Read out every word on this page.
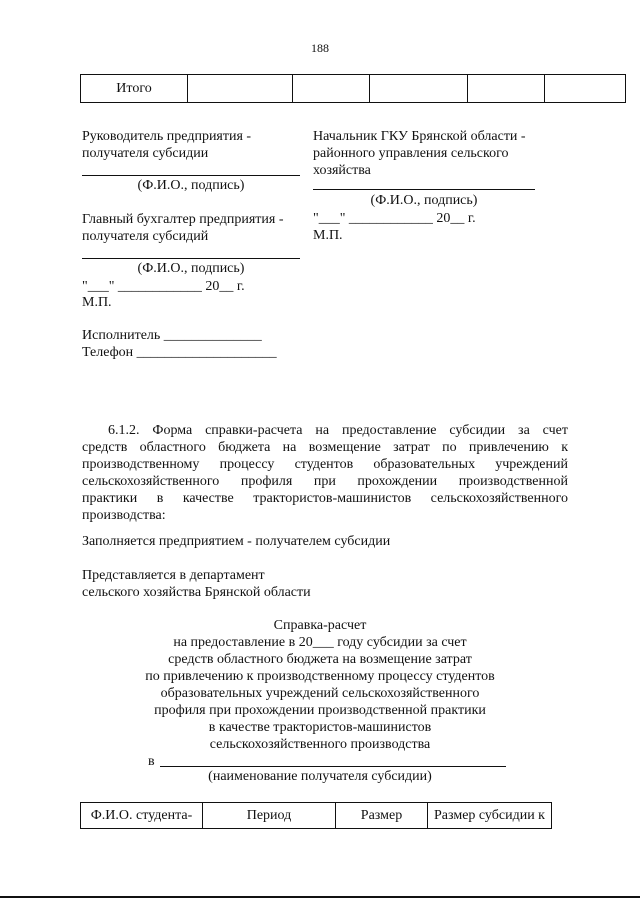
188
Итого					
Руководитель предприятия -
получателя субсидии
(Ф.И.О., подпись)
Главный бухгалтер предприятия -
получателя субсидий
(Ф.И.О., подпись)
"___" ____________ 20__ г.
М.П.
Начальник ГКУ Брянской области -
районного управления сельского
хозяйства
(Ф.И.О., подпись)
"___" ____________ 20__ г.
М.П.
Исполнитель ______________
Телефон ____________________
6.1.2. Форма справки-расчета на предоставление субсидии за счет
средств областного бюджета на возмещение затрат по привлечению к
производственному процессу студентов образовательных учреждений
сельскохозяйственного профиля при прохождении производственной
практики в качестве трактористов-машинистов сельскохозяйственного
производства:
Заполняется предприятием - получателем субсидии
Представляется в департамент
сельского хозяйства Брянской области
Справка-расчет
на предоставление в 20___ году субсидии за счет
средств областного бюджета на возмещение затрат
по привлечению к производственному процессу студентов
образовательных учреждений сельскохозяйственного
профиля при прохождении производственной практики
в качестве трактористов-машинистов
сельскохозяйственного производства
в
(наименование получателя субсидии)
Ф.И.О. студента-	Период	Размер	Размер субсидии к
